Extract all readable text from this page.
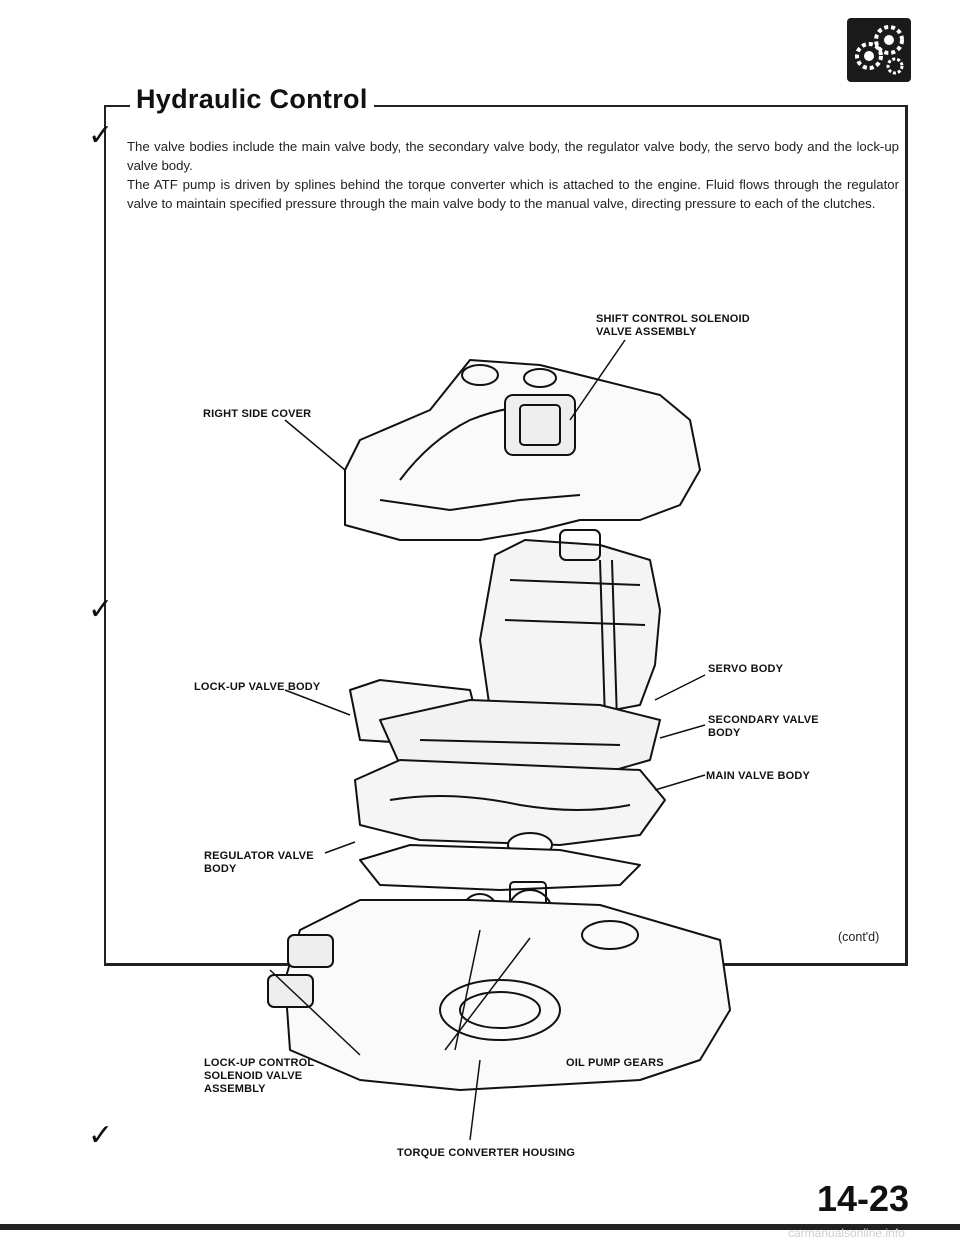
Hydraulic Control
✓
✓
✓

The valve bodies include the main valve body, the secondary valve body, the regulator valve body, the servo body and the lock-up valve body.

The ATF pump is driven by splines behind the torque converter which is attached to the engine. Fluid flows through the regulator valve to maintain specified pressure through the main valve body to the manual valve, directing pressure to each of the clutches.

SHIFT CONTROL SOLENOID
VALVE ASSEMBLY
RIGHT SIDE COVER
SERVO BODY
LOCK-UP VALVE BODY
SECONDARY VALVE
BODY
MAIN VALVE BODY
REGULATOR VALVE
BODY
LOCK-UP CONTROL
SOLENOID VALVE
ASSEMBLY
OIL PUMP GEARS
TORQUE CONVERTER HOUSING
(cont'd)
14-23
carmanualsonline.info
